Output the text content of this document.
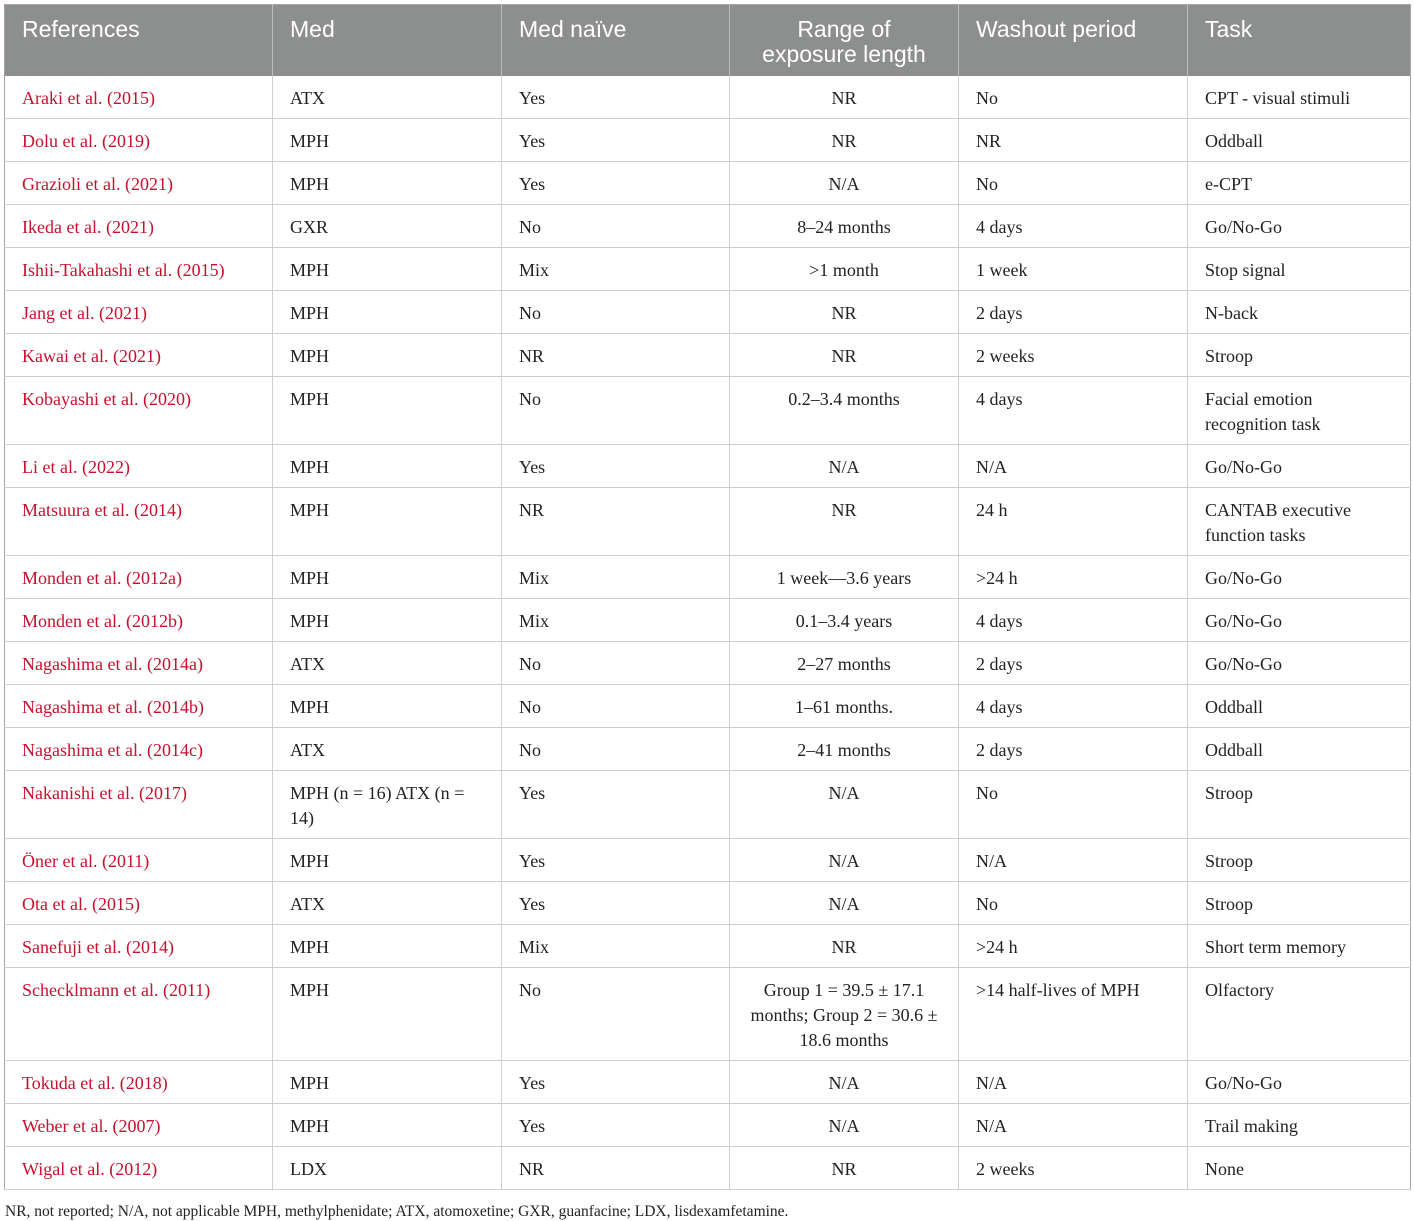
References	Med	Med naïve	Range of exposure length	Washout period	Task
Araki et al. (2015)	ATX	Yes	NR	No	CPT - visual stimuli
Dolu et al. (2019)	MPH	Yes	NR	NR	Oddball
Grazioli et al. (2021)	MPH	Yes	N/A	No	e-CPT
Ikeda et al. (2021)	GXR	No	8–24 months	4 days	Go/No-Go
Ishii-Takahashi et al. (2015)	MPH	Mix	>1 month	1 week	Stop signal
Jang et al. (2021)	MPH	No	NR	2 days	N-back
Kawai et al. (2021)	MPH	NR	NR	2 weeks	Stroop
Kobayashi et al. (2020)	MPH	No	0.2–3.4 months	4 days	Facial emotion recognition task
Li et al. (2022)	MPH	Yes	N/A	N/A	Go/No-Go
Matsuura et al. (2014)	MPH	NR	NR	24 h	CANTAB executive function tasks
Monden et al. (2012a)	MPH	Mix	1 week—3.6 years	>24 h	Go/No-Go
Monden et al. (2012b)	MPH	Mix	0.1–3.4 years	4 days	Go/No-Go
Nagashima et al. (2014a)	ATX	No	2–27 months	2 days	Go/No-Go
Nagashima et al. (2014b)	MPH	No	1–61 months.	4 days	Oddball
Nagashima et al. (2014c)	ATX	No	2–41 months	2 days	Oddball
Nakanishi et al. (2017)	MPH (n = 16) ATX (n = 14)	Yes	N/A	No	Stroop
Öner et al. (2011)	MPH	Yes	N/A	N/A	Stroop
Ota et al. (2015)	ATX	Yes	N/A	No	Stroop
Sanefuji et al. (2014)	MPH	Mix	NR	>24 h	Short term memory
Schecklmann et al. (2011)	MPH	No	Group 1 = 39.5 ± 17.1 months; Group 2 = 30.6 ± 18.6 months	>14 half-lives of MPH	Olfactory
Tokuda et al. (2018)	MPH	Yes	N/A	N/A	Go/No-Go
Weber et al. (2007)	MPH	Yes	N/A	N/A	Trail making
Wigal et al. (2012)	LDX	NR	NR	2 weeks	None
NR, not reported; N/A, not applicable MPH, methylphenidate; ATX, atomoxetine; GXR, guanfacine; LDX, lisdexamfetamine.
